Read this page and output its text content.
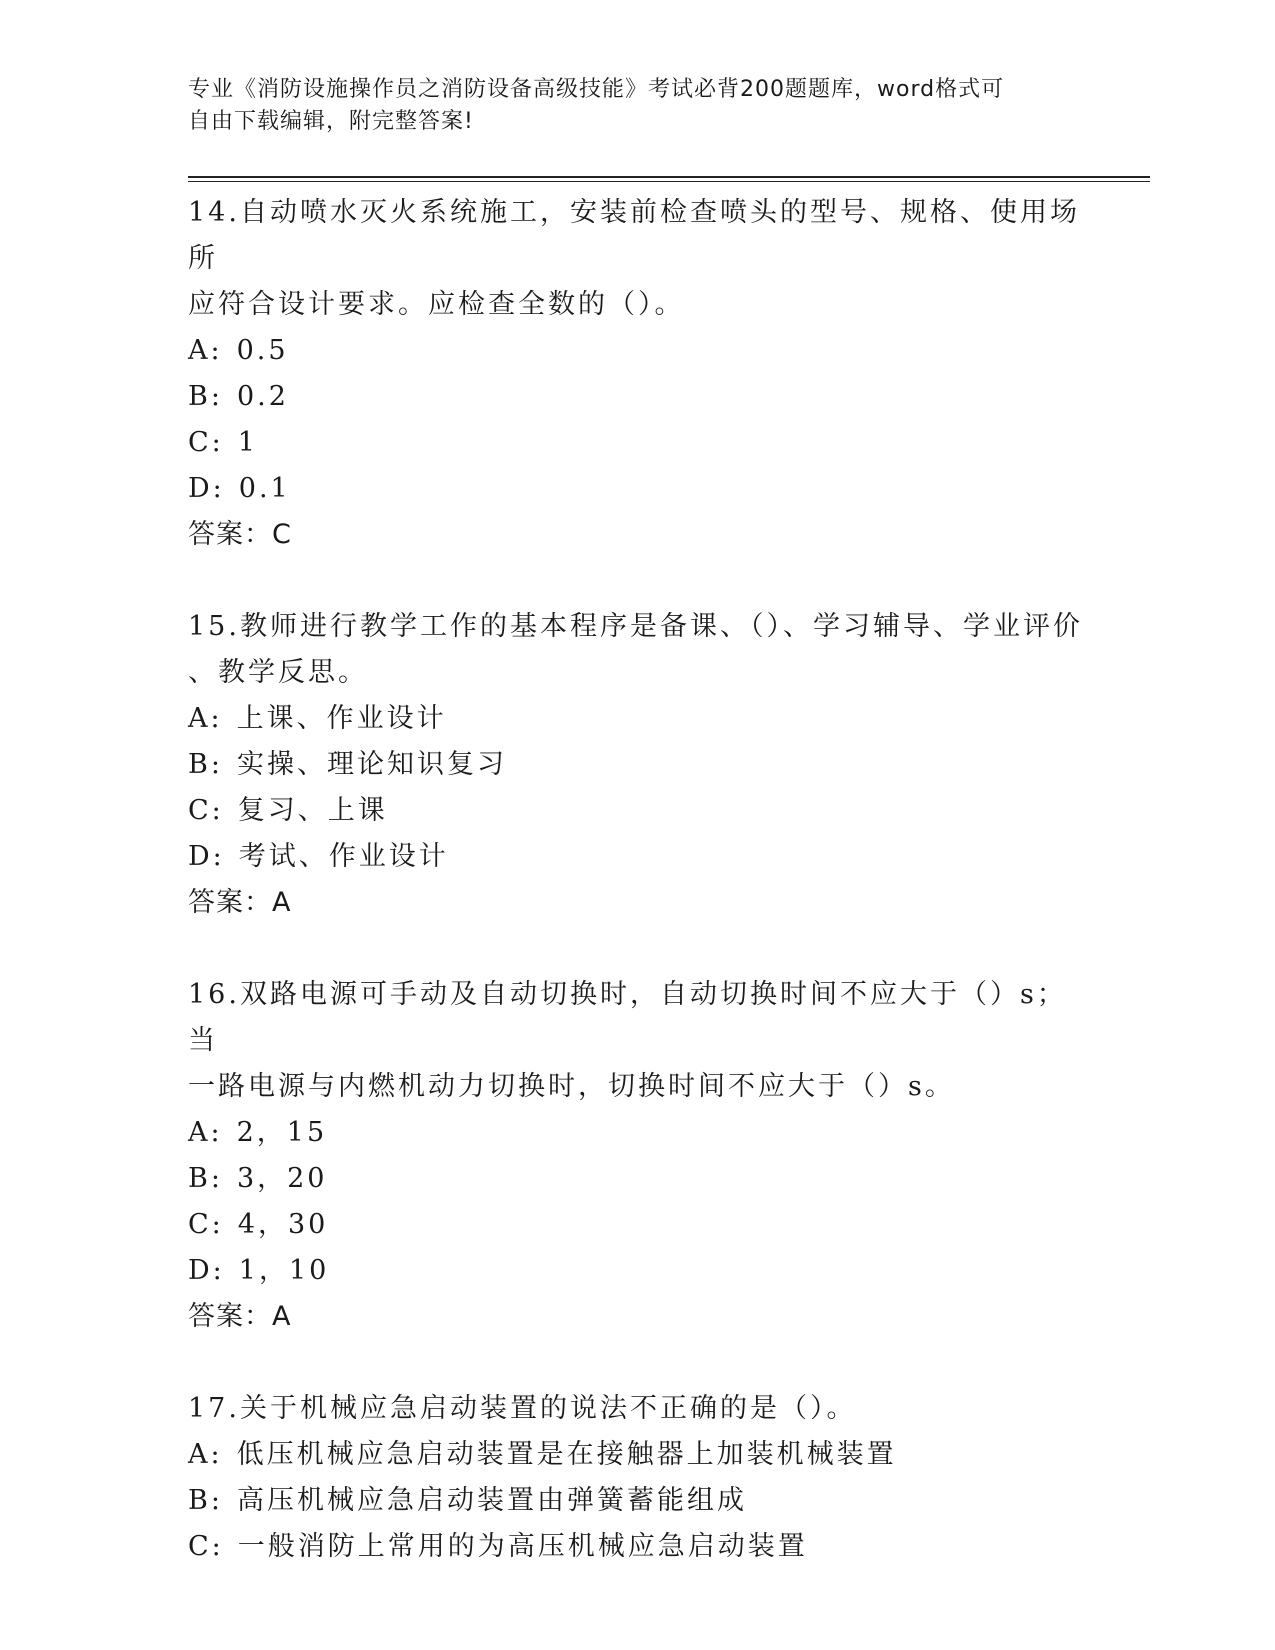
专业《消防设施操作员之消防设备高级技能》考试必背200题题库，word格式可
自由下载编辑，附完整答案!
14.自动喷水灭火系统施工，安装前检查喷头的型号、规格、使用场所
应符合设计要求。应检查全数的（）。
A : 0.5
B : 0.2
C : 1
D : 0.1
答案： C
15.教师进行教学工作的基本程序是备课、（）、学习辅导、学业评价
、教学反思。
A : 上课、作业设计
B : 实操、理论知识复习
C : 复习、上课
D : 考试、作业设计
答案： A
16.双路电源可手动及自动切换时，自动切换时间不应大于（）s；当
一路电源与内燃机动力切换时，切换时间不应大于（）s。
A : 2，15
B : 3，20
C : 4，30
D : 1，10
答案： A
17.关于机械应急启动装置的说法不正确的是（）。
A : 低压机械应急启动装置是在接触器上加装机械装置
B : 高压机械应急启动装置由弹簧蓄能组成
C : 一般消防上常用的为高压机械应急启动装置
